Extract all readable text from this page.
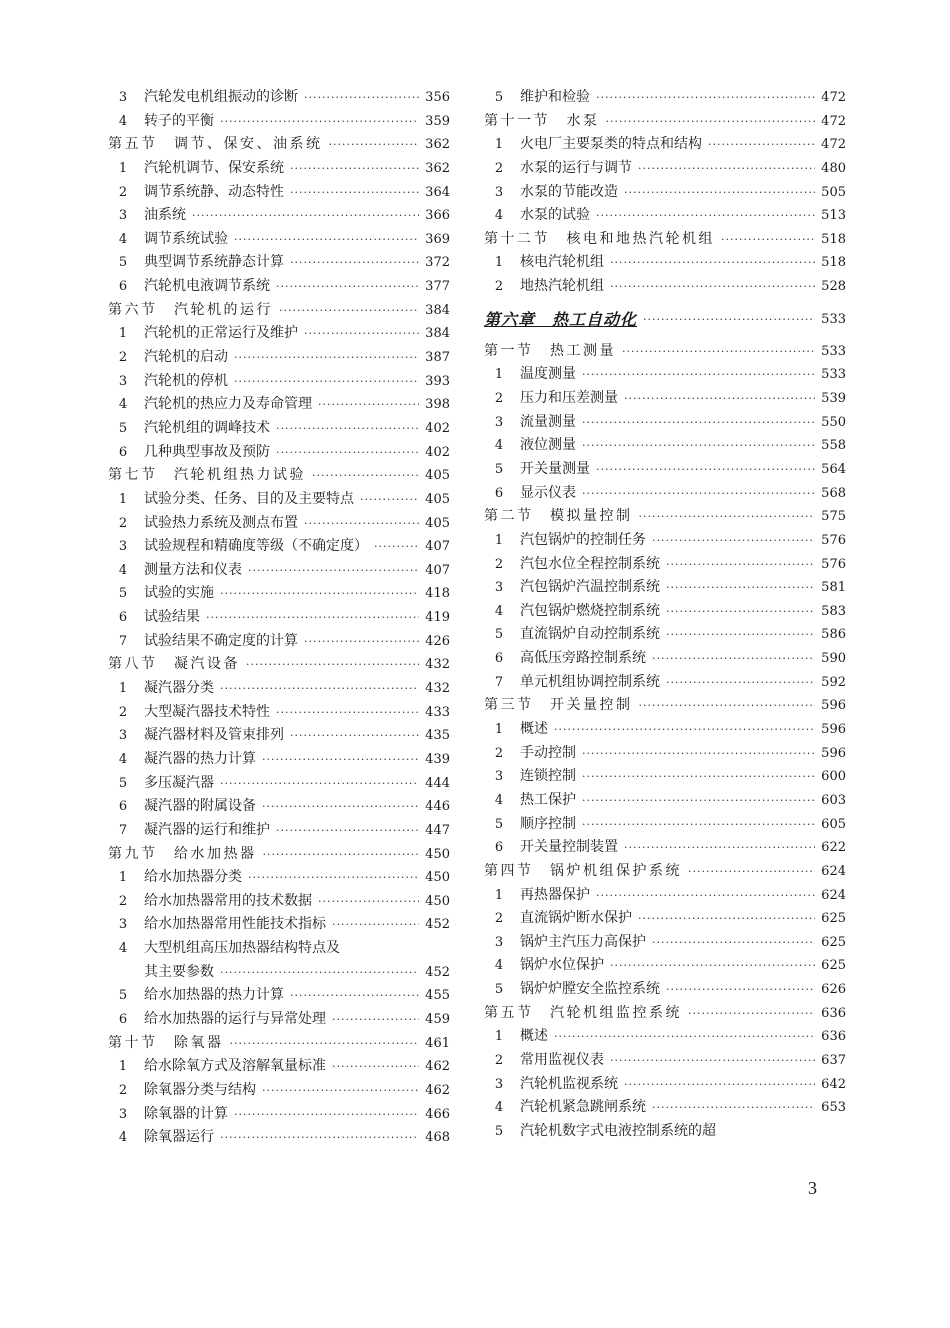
3	汽轮发电机组振动的诊断 ·····	356
4	转子的平衡 ·····	359
第五节　调节、保安、油系统 ·····	362
1	汽轮机调节、保安系统 ·····	362
2	调节系统静、动态特性 ·····	364
3	油系统 ·····	366
4	调节系统试验 ·····	369
5	典型调节系统静态计算 ·····	372
6	汽轮机电液调节系统 ·····	377
第六节　汽轮机的运行 ·····	384
1	汽轮机的正常运行及维护 ·····	384
2	汽轮机的启动 ·····	387
3	汽轮机的停机 ·····	393
4	汽轮机的热应力及寿命管理 ·····	398
5	汽轮机组的调峰技术 ·····	402
6	几种典型事故及预防 ·····	402
第七节　汽轮机组热力试验 ·····	405
1	试验分类、任务、目的及主要特点 ·····	405
2	试验热力系统及测点布置 ·····	405
3	试验规程和精确度等级（不确定度） ·····	407
4	测量方法和仪表 ·····	407
5	试验的实施 ·····	418
6	试验结果 ·····	419
7	试验结果不确定度的计算 ·····	426
第八节　凝汽设备 ·····	432
1	凝汽器分类 ·····	432
2	大型凝汽器技术特性 ·····	433
3	凝汽器材料及管束排列 ·····	435
4	凝汽器的热力计算 ·····	439
5	多压凝汽器 ·····	444
6	凝汽器的附属设备 ·····	446
7	凝汽器的运行和维护 ·····	447
第九节　给水加热器 ·····	450
1	给水加热器分类 ·····	450
2	给水加热器常用的技术数据 ·····	450
3	给水加热器常用性能技术指标 ·····	452
4	大型机组高压加热器结构特点及
其主要参数 ·····	452
5	给水加热器的热力计算 ·····	455
6	给水加热器的运行与异常处理 ·····	459
第十节　除氧器 ·····	461
1	给水除氧方式及溶解氧量标准 ·····	462
2	除氧器分类与结构 ·····	462
3	除氧器的计算 ·····	466
4	除氧器运行 ·····	468
5	维护和检验 ·····	472
第十一节　水泵 ·····	472
1	火电厂主要泵类的特点和结构 ·····	472
2	水泵的运行与调节 ·····	480
3	水泵的节能改造 ·····	505
4	水泵的试验 ·····	513
第十二节　核电和地热汽轮机组 ·····	518
1	核电汽轮机组 ·····	518
2	地热汽轮机组 ·····	528
第六章　热工自动化 ·····	533
第一节　热工测量 ·····	533
1	温度测量 ·····	533
2	压力和压差测量 ·····	539
3	流量测量 ·····	550
4	液位测量 ·····	558
5	开关量测量 ·····	564
6	显示仪表 ·····	568
第二节　模拟量控制 ·····	575
1	汽包锅炉的控制任务 ·····	576
2	汽包水位全程控制系统 ·····	576
3	汽包锅炉汽温控制系统 ·····	581
4	汽包锅炉燃烧控制系统 ·····	583
5	直流锅炉自动控制系统 ·····	586
6	高低压旁路控制系统 ·····	590
7	单元机组协调控制系统 ·····	592
第三节　开关量控制 ·····	596
1	概述 ·····	596
2	手动控制 ·····	596
3	连锁控制 ·····	600
4	热工保护 ·····	603
5	顺序控制 ·····	605
6	开关量控制装置 ·····	622
第四节　锅炉机组保护系统 ·····	624
1	再热器保护 ·····	624
2	直流锅炉断水保护 ·····	625
3	锅炉主汽压力高保护 ·····	625
4	锅炉水位保护 ·····	625
5	锅炉炉膛安全监控系统 ·····	626
第五节　汽轮机组监控系统 ·····	636
1	概述 ·····	636
2	常用监视仪表 ·····	637
3	汽轮机监视系统 ·····	642
4	汽轮机紧急跳闸系统 ·····	653
5	汽轮机数字式电液控制系统的超
3
